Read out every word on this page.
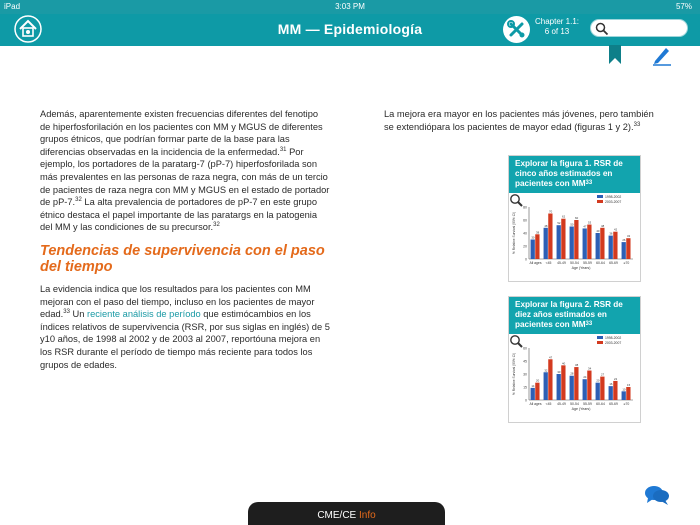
iPad	3:03 PM	57%
MM — Epidemiología	Chapter 1.1:
6 of 13

Además, aparentemente existen frecuencias diferentes del fenotipo de hiperfosforilación en los pacientes con MM y MGUS de diferentes grupos étnicos, que podrían formar parte de la base para las diferencias observadas en la incidencia de la enfermedad.$^{31}$ Por ejemplo, los portadores de la paratarg-7 (pP-7) hiperfosforilada son más prevalentes en las personas de raza negra, con más de un tercio de pacientes de raza negra con MM y MGUS en el estado de portador de pP-7.32 La alta prevalencia de portadores de pP-7 en este grupo étnico destaca el papel importante de las paratargs en la patogenia del MM y las condiciones de su precursor.$^{32}$

Tendencias de supervivencia con el paso del tiempo

La evidencia indica que los resultados para los pacientes con MM mejoran con el paso del tiempo, incluso en los pacientes de mayor edad.$^{33}$ Un reciente análisis de período que estimócambios en los índices relativos de supervivencia (RSR, por sus siglas en inglés) de 5 y10 años, de 1998 al 2002 y de 2003 al 2007, reportóuna mejora en los RSR durante el período de tiempo más reciente para todos los grupos de edades.

La mejora era mayor en los pacientes más jóvenes, pero también se extendiópara los pacientes de mayor edad (figuras 1 y 2).$^{33}$

Explorar la figura 1. RSR de cinco años estimados en pacientes con MM$^{33}$
0
20
40
60
80
% Relative Survival (95% CI)	30
38
All ages
48
70
<45
52
62
45-49
50
60
50-54
47
53
55-59
40
48
60-64
36
42
65-69
26
32
≥70
Age (Years)
1998-2002
2003-2007
Explorar la figura 2. RSR de diez años estimados en pacientes con MM$^{33}$
0
15
30
45
60
% Relative Survival (95% CI)	14
20
All ages
32
47
<45
30
40
45-49
28
38
50-54
24
34
55-59
20
27
60-64
16
22
65-69
10
15
≥70
Age (Years)
1998-2002
2003-2007
CME/CE Info
